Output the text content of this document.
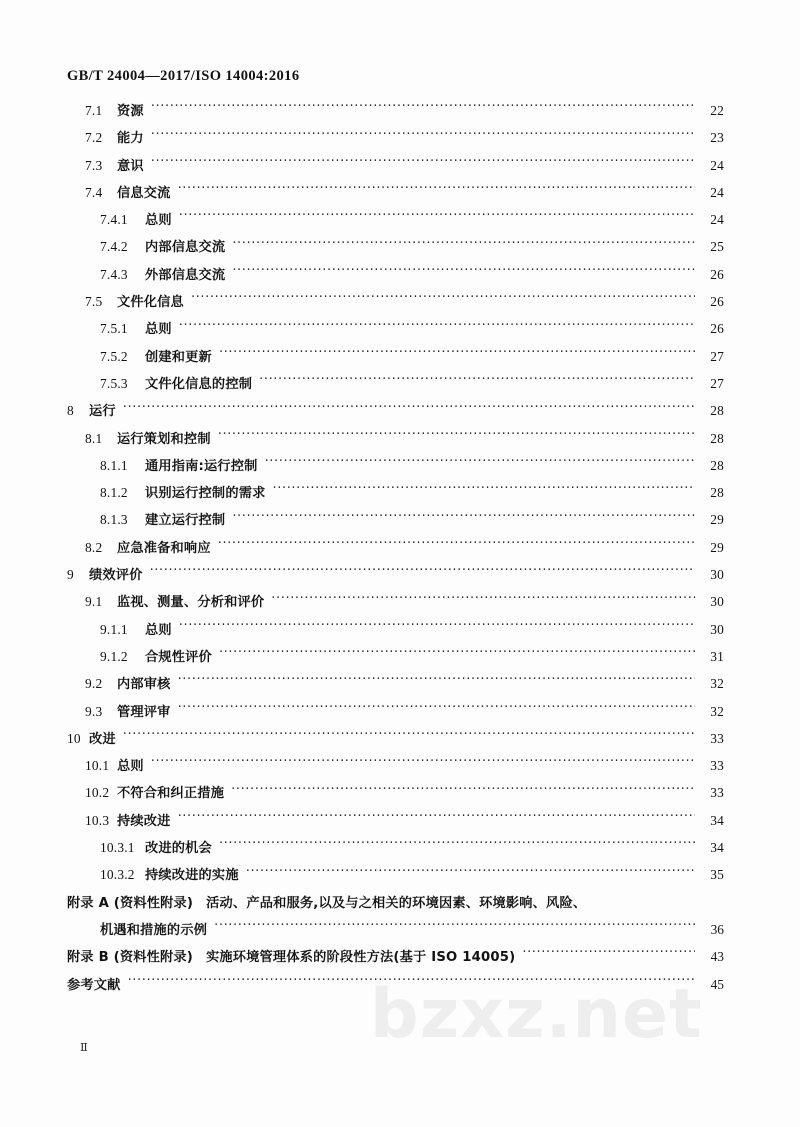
bzxz.net
GB/T 24004—2017/ISO 14004:2016
7.1	资源 ·····	22
7.2	能力 ·····	23
7.3	意识 ·····	24
7.4	信息交流 ·····	24
7.4.1	总则 ·····	24
7.4.2	内部信息交流 ·····	25
7.4.3	外部信息交流 ·····	26
7.5	文件化信息 ·····	26
7.5.1	总则 ·····	26
7.5.2	创建和更新 ·····	27
7.5.3	文件化信息的控制 ·····	27
8	运行 ·····	28
8.1	运行策划和控制 ·····	28
8.1.1	通用指南:运行控制 ·····	28
8.1.2	识别运行控制的需求 ·····	28
8.1.3	建立运行控制 ·····	29
8.2	应急准备和响应 ·····	29
9	绩效评价 ·····	30
9.1	监视、测量、分析和评价 ·····	30
9.1.1	总则 ·····	30
9.1.2	合规性评价 ·····	31
9.2	内部审核 ·····	32
9.3	管理评审 ·····	32
10 改进 ·····	33
10.1 总则 ·····	33
10.2 不符合和纠正措施 ·····	33
10.3 持续改进 ·····	34
10.3.1 改进的机会 ·····	34
10.3.2 持续改进的实施 ·····	35
附录 A (资料性附录) 活动、产品和服务,以及与之相关的环境因素、环境影响、风险、
机遇和措施的示例 ·····	36
附录 B (资料性附录) 实施环境管理体系的阶段性方法(基于 ISO 14005) ·····	43
参考文献 ·····	45
Ⅱ
